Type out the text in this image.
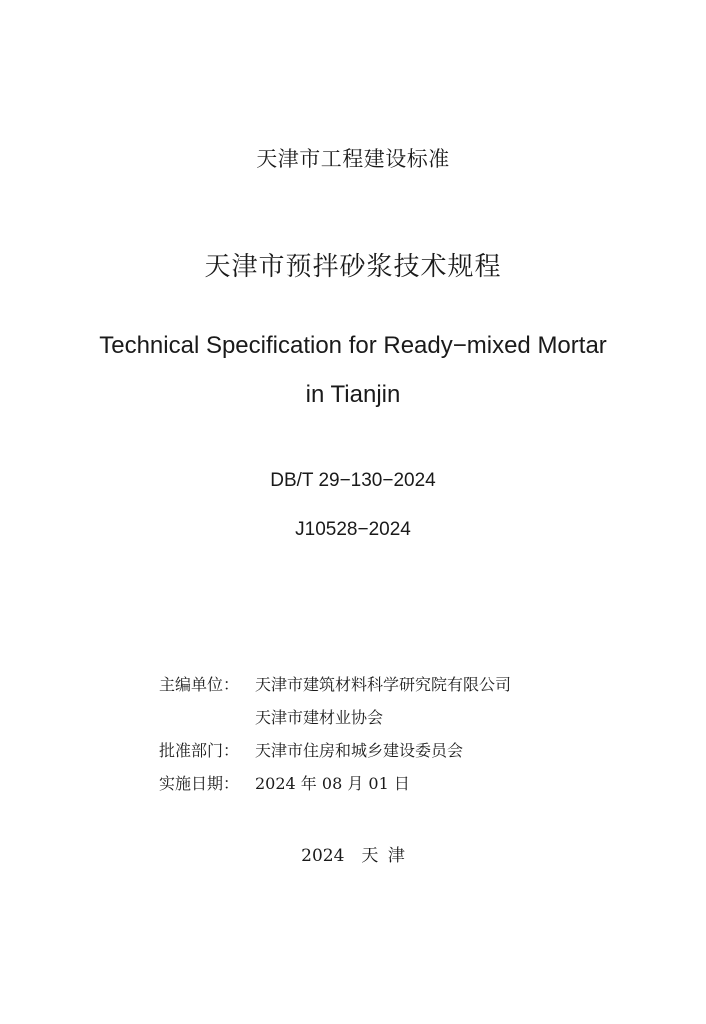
天津市工程建设标准
天津市预拌砂浆技术规程
Technical Specification for Ready−mixed Mortar
in Tianjin
DB/T 29−130−2024
J10528−2024
主编单位： 天津市建筑材料科学研究院有限公司
天津市建材业协会
批准部门： 天津市住房和城乡建设委员会
实施日期： 2024 年 08 月 01 日
2024　天 津
